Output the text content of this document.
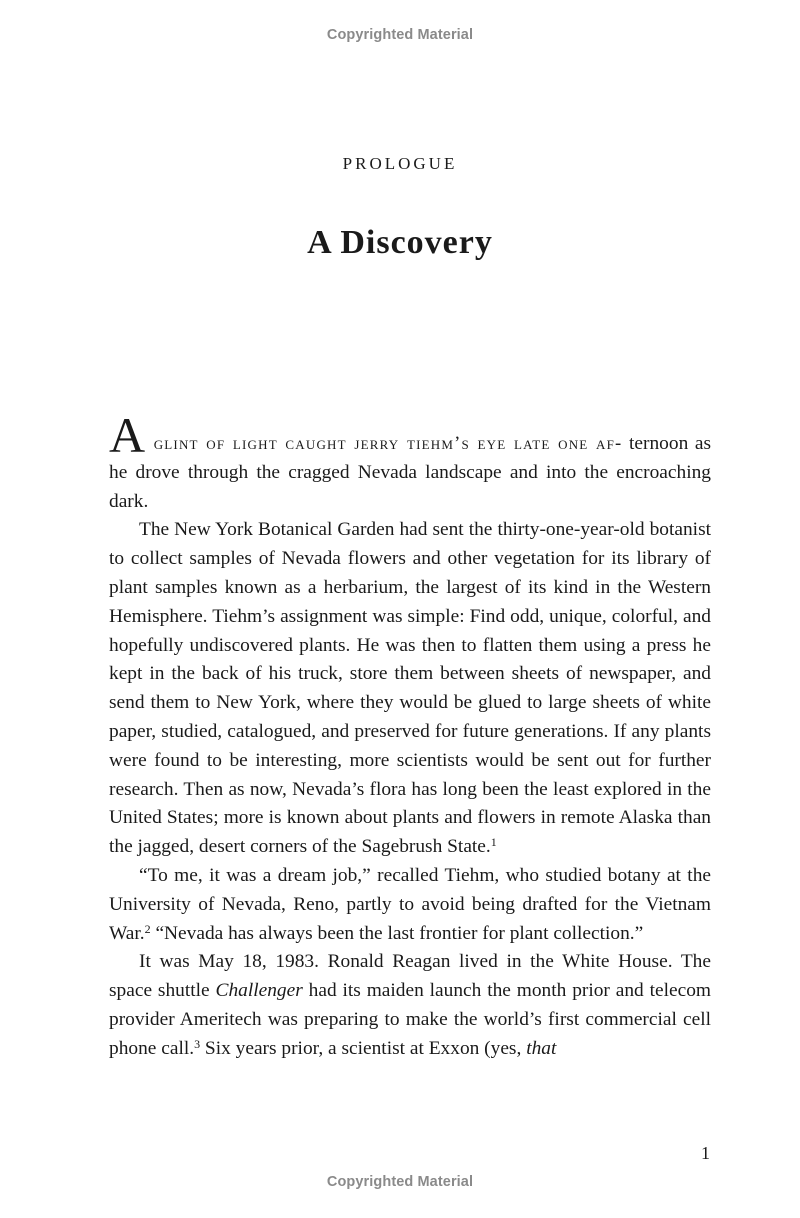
Copyrighted Material
PROLOGUE
A Discovery

A glint of light caught jerry tiehm’s eye late one af- ternoon as he drove through the cragged Nevada landscape and into the encroaching dark.

The New York Botanical Garden had sent the thirty-one-year-old botanist to collect samples of Nevada flowers and other vegetation for its library of plant samples known as a herbarium, the largest of its kind in the Western Hemisphere. Tiehm’s assignment was simple: Find odd, unique, colorful, and hopefully undiscovered plants. He was then to flatten them using a press he kept in the back of his truck, store them between sheets of newspaper, and send them to New York, where they would be glued to large sheets of white paper, studied, catalogued, and preserved for future generations. If any plants were found to be interesting, more scientists would be sent out for further research. Then as now, Nevada’s flora has long been the least explored in the United States; more is known about plants and flowers in remote Alaska than the jagged, desert corners of the Sagebrush State.$^1$

“To me, it was a dream job,” recalled Tiehm, who studied botany at the University of Nevada, Reno, partly to avoid being drafted for the Vietnam War.$^2$ “Nevada has always been the last frontier for plant collection.”

It was May 18, 1983. Ronald Reagan lived in the White House. The space shuttle Challenger had its maiden launch the month prior and telecom provider Ameritech was preparing to make the world’s first commercial cell phone call.$^3$ Six years prior, a scientist at Exxon (yes, that

1
Copyrighted Material
